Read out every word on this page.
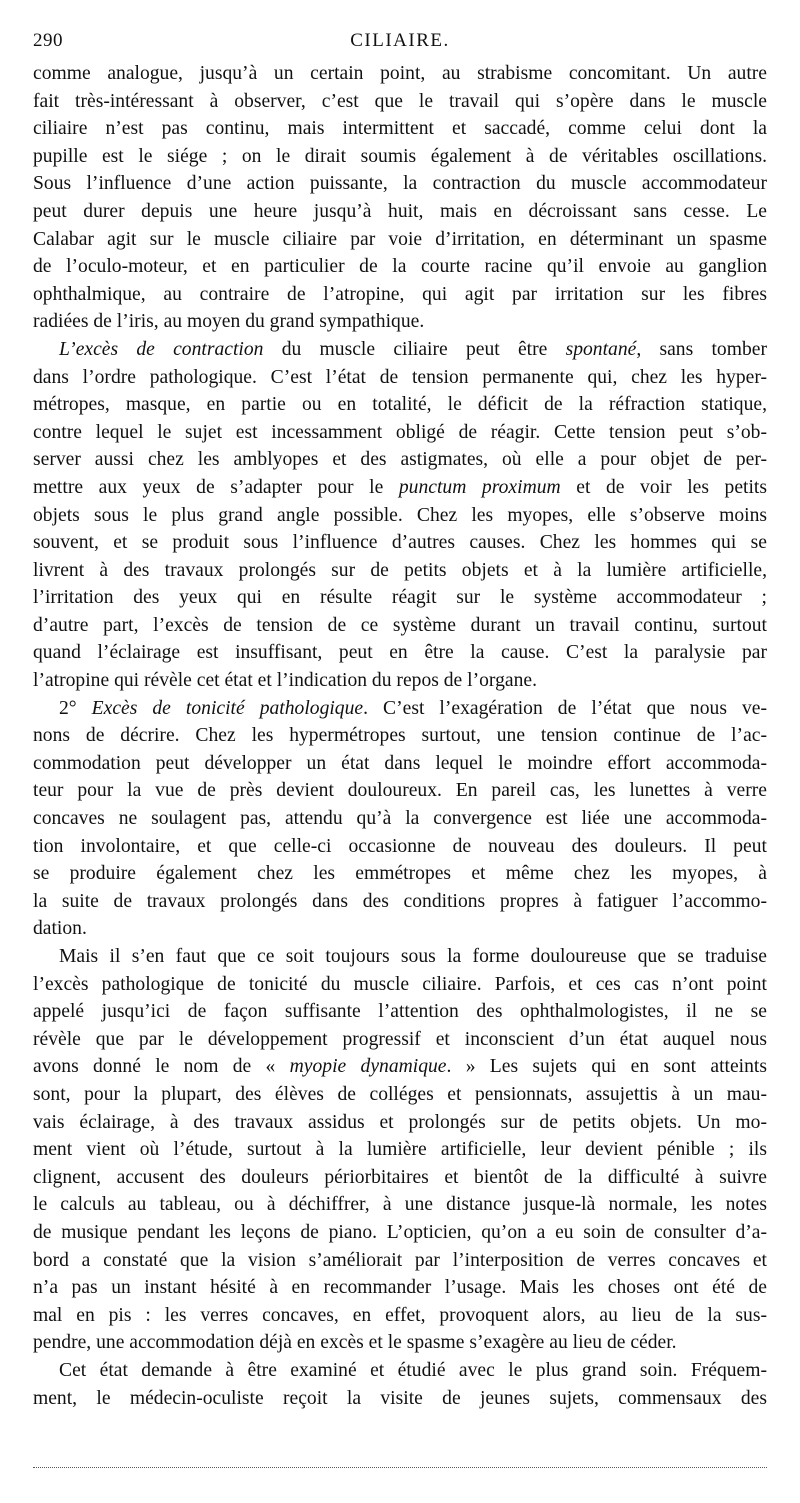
290	CILIAIRE.
comme analogue, jusqu’à un certain point, au strabisme concomitant. Un autre
fait très-intéressant à observer, c’est que le travail qui s’opère dans le muscle
ciliaire n’est pas continu, mais intermittent et saccadé, comme celui dont la
pupille est le siége ; on le dirait soumis également à de véritables oscillations.
Sous l’influence d’une action puissante, la contraction du muscle accommodateur
peut durer depuis une heure jusqu’à huit, mais en décroissant sans cesse. Le
Calabar agit sur le muscle ciliaire par voie d’irritation, en déterminant un spasme
de l’oculo-moteur, et en particulier de la courte racine qu’il envoie au ganglion
ophthalmique, au contraire de l’atropine, qui agit par irritation sur les fibres
radiées de l’iris, au moyen du grand sympathique.
L’excès de contraction du muscle ciliaire peut être spontané, sans tomber
dans l’ordre pathologique. C’est l’état de tension permanente qui, chez les hyper-
métropes, masque, en partie ou en totalité, le déficit de la réfraction statique,
contre lequel le sujet est incessamment obligé de réagir. Cette tension peut s’ob-
server aussi chez les amblyopes et des astigmates, où elle a pour objet de per-
mettre aux yeux de s’adapter pour le punctum proximum et de voir les petits
objets sous le plus grand angle possible. Chez les myopes, elle s’observe moins
souvent, et se produit sous l’influence d’autres causes. Chez les hommes qui se
livrent à des travaux prolongés sur de petits objets et à la lumière artificielle,
l’irritation des yeux qui en résulte réagit sur le système accommodateur ;
d’autre part, l’excès de tension de ce système durant un travail continu, surtout
quand l’éclairage est insuffisant, peut en être la cause. C’est la paralysie par
l’atropine qui révèle cet état et l’indication du repos de l’organe.
2° Excès de tonicité pathologique. C’est l’exagération de l’état que nous ve-
nons de décrire. Chez les hypermétropes surtout, une tension continue de l’ac-
commodation peut développer un état dans lequel le moindre effort accommoda-
teur pour la vue de près devient douloureux. En pareil cas, les lunettes à verre
concaves ne soulagent pas, attendu qu’à la convergence est liée une accommoda-
tion involontaire, et que celle-ci occasionne de nouveau des douleurs. Il peut
se produire également chez les emmétropes et même chez les myopes, à
la suite de travaux prolongés dans des conditions propres à fatiguer l’accommo-
dation.
Mais il s’en faut que ce soit toujours sous la forme douloureuse que se traduise
l’excès pathologique de tonicité du muscle ciliaire. Parfois, et ces cas n’ont point
appelé jusqu’ici de façon suffisante l’attention des ophthalmologistes, il ne se
révèle que par le développement progressif et inconscient d’un état auquel nous
avons donné le nom de « myopie dynamique. » Les sujets qui en sont atteints
sont, pour la plupart, des élèves de colléges et pensionnats, assujettis à un mau-
vais éclairage, à des travaux assidus et prolongés sur de petits objets. Un mo-
ment vient où l’étude, surtout à la lumière artificielle, leur devient pénible ; ils
clignent, accusent des douleurs périorbitaires et bientôt de la difficulté à suivre
le calculs au tableau, ou à déchiffrer, à une distance jusque-là normale, les notes
de musique pendant les leçons de piano. L’opticien, qu’on a eu soin de consulter d’a-
bord a constaté que la vision s’améliorait par l’interposition de verres concaves et
n’a pas un instant hésité à en recommander l’usage. Mais les choses ont été de
mal en pis : les verres concaves, en effet, provoquent alors, au lieu de la sus-
pendre, une accommodation déjà en excès et le spasme s’exagère au lieu de céder.
Cet état demande à être examiné et étudié avec le plus grand soin. Fréquem-
ment, le médecin-oculiste reçoit la visite de jeunes sujets, commensaux des
